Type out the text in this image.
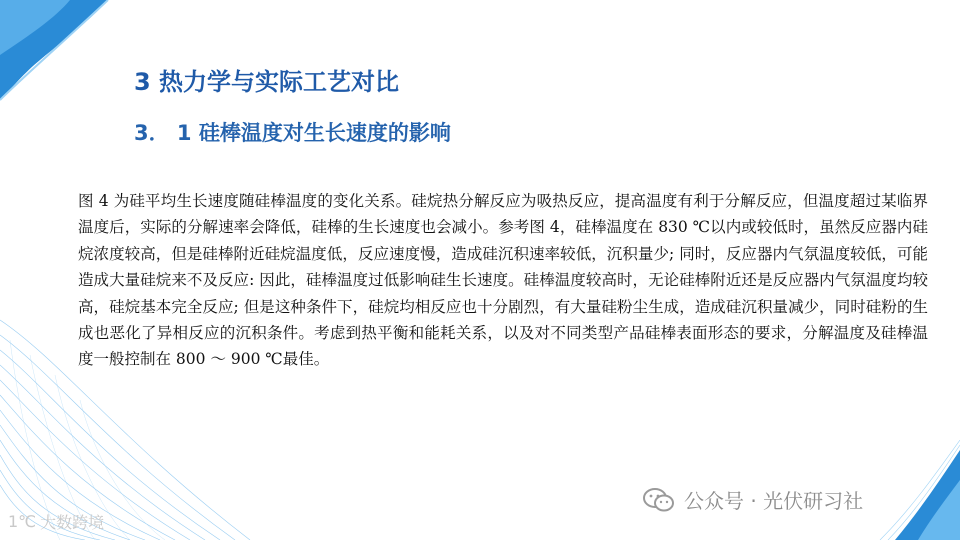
3 热力学与实际工艺对比
3． 1 硅棒温度对生长速度的影响
图 4 为硅平均生长速度随硅棒温度的变化关系。硅烷热分解反应为吸热反应，提高温度有利于分解反应，但温度超过某临界温度后，实际的分解速率会降低，硅棒的生长速度也会减小。参考图 4，硅棒温度在 830 ℃以内或较低时，虽然反应器内硅烷浓度较高，但是硅棒附近硅烷温度低，反应速度慢，造成硅沉积速率较低，沉积量少; 同时，反应器内气氛温度较低，可能造成大量硅烷来不及反应: 因此，硅棒温度过低影响硅生长速度。硅棒温度较高时，无论硅棒附近还是反应器内气氛温度均较高，硅烷基本完全反应; 但是这种条件下，硅烷均相反应也十分剧烈，有大量硅粉尘生成，造成硅沉积量减少，同时硅粉的生成也恶化了异相反应的沉积条件。考虑到热平衡和能耗关系，以及对不同类型产品硅棒表面形态的要求，分解温度及硅棒温度一般控制在 800 ～ 900 ℃最佳。
公众号 · 光伏研习社
1℃ 大数跨境
